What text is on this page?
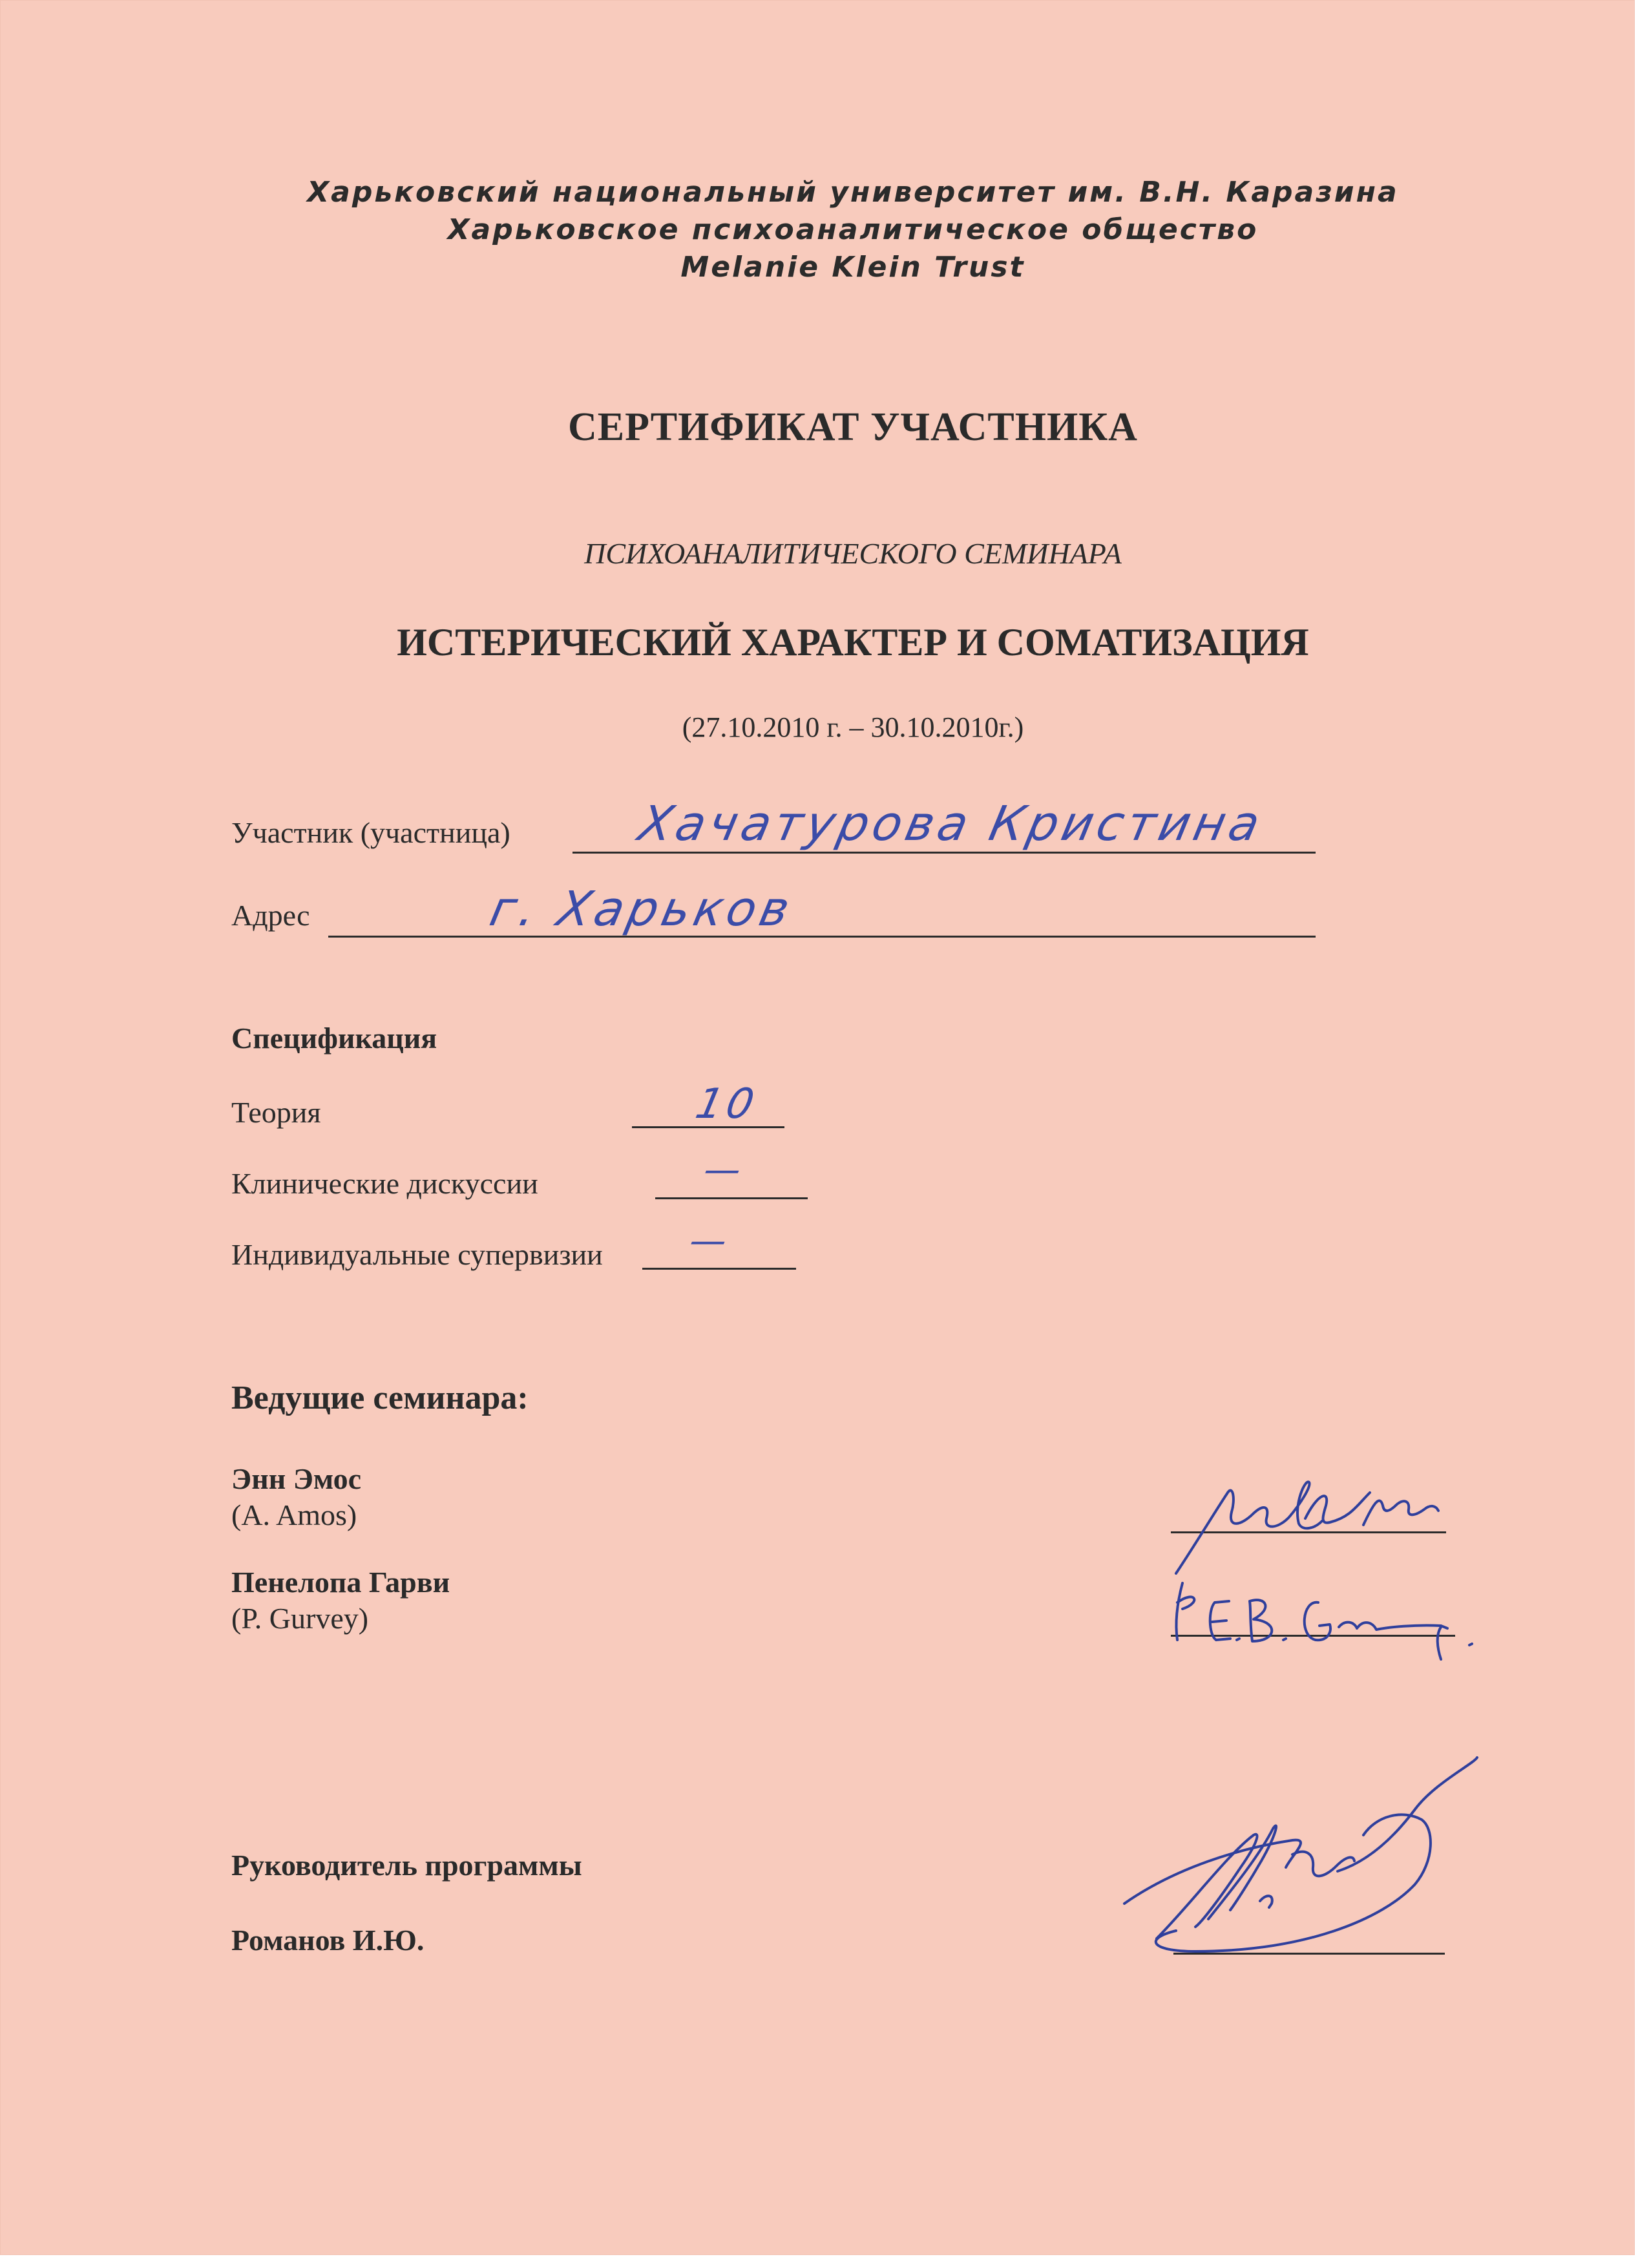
Харьковский национальный университет им. В.Н. Каразина
Харьковское психоаналитическое общество
Melanie Klein Trust
СЕРТИФИКАТ УЧАСТНИКА
ПСИХОАНАЛИТИЧЕСКОГО СЕМИНАРА
ИСТЕРИЧЕСКИЙ ХАРАКТЕР И СОМАТИЗАЦИЯ
(27.10.2010 г. – 30.10.2010г.)
Участник (участница)	Хачатурова Кристина
Адрес	г. Харьков
Спецификация
Теория	10
Клинические дискуссии	—
Индивидуальные супервизии —
Ведущие семинара:
Энн Эмос
(A. Amos)
Пенелопа Гарви
(P. Gurvey)
Руководитель программы
Романов И.Ю.
